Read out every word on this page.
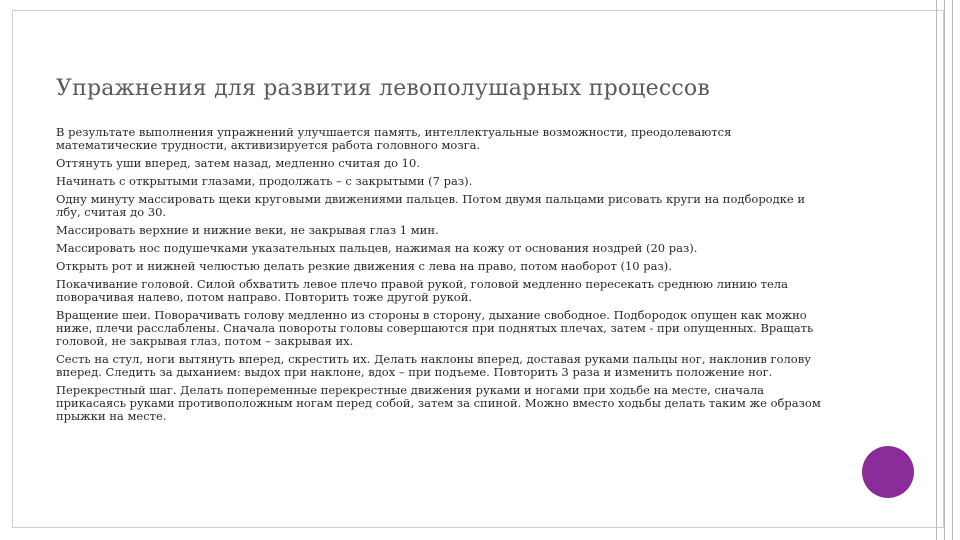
Упражнения для развития левополушарных процессов

В результате выполнения упражнений улучшается память, интеллектуальные возможности, преодолеваются математические трудности, активизируется работа головного мозга.

Оттянуть уши вперед, затем назад, медленно считая до 10.

Начинать с открытыми глазами, продолжать – с закрытыми (7 раз).

Одну минуту массировать щеки круговыми движениями пальцев. Потом двумя пальцами рисовать круги на подбородке и лбу, считая до 30.

Массировать верхние и нижние веки, не закрывая глаз 1 мин.

Массировать нос подушечками указательных пальцев, нажимая на кожу от основания ноздрей (20 раз).

Открыть рот и нижней челюстью делать резкие движения с лева на право, потом наоборот (10 раз).

Покачивание головой. Силой обхватить левое плечо правой рукой, головой медленно пересекать среднюю линию тела поворачивая налево, потом направо. Повторить тоже другой рукой.

Вращение шеи. Поворачивать голову медленно из стороны в сторону, дыхание свободное. Подбородок опущен как можно ниже, плечи расслаблены. Сначала повороты головы совершаются при поднятых плечах, затем - при опущенных. Вращать головой, не закрывая глаз, потом – закрывая их.

Сесть на стул, ноги вытянуть вперед, скрестить их. Делать наклоны вперед, доставая руками пальцы ног, наклонив голову вперед. Следить за дыханием: выдох при наклоне, вдох – при подъеме. Повторить 3 раза и изменить положение ног.

Перекрестный шаг. Делать попеременные перекрестные движения руками и ногами при ходьбе на месте, сначала прикасаясь руками противоположным ногам перед собой, затем за спиной. Можно вместо ходьбы делать таким же образом прыжки на месте.
